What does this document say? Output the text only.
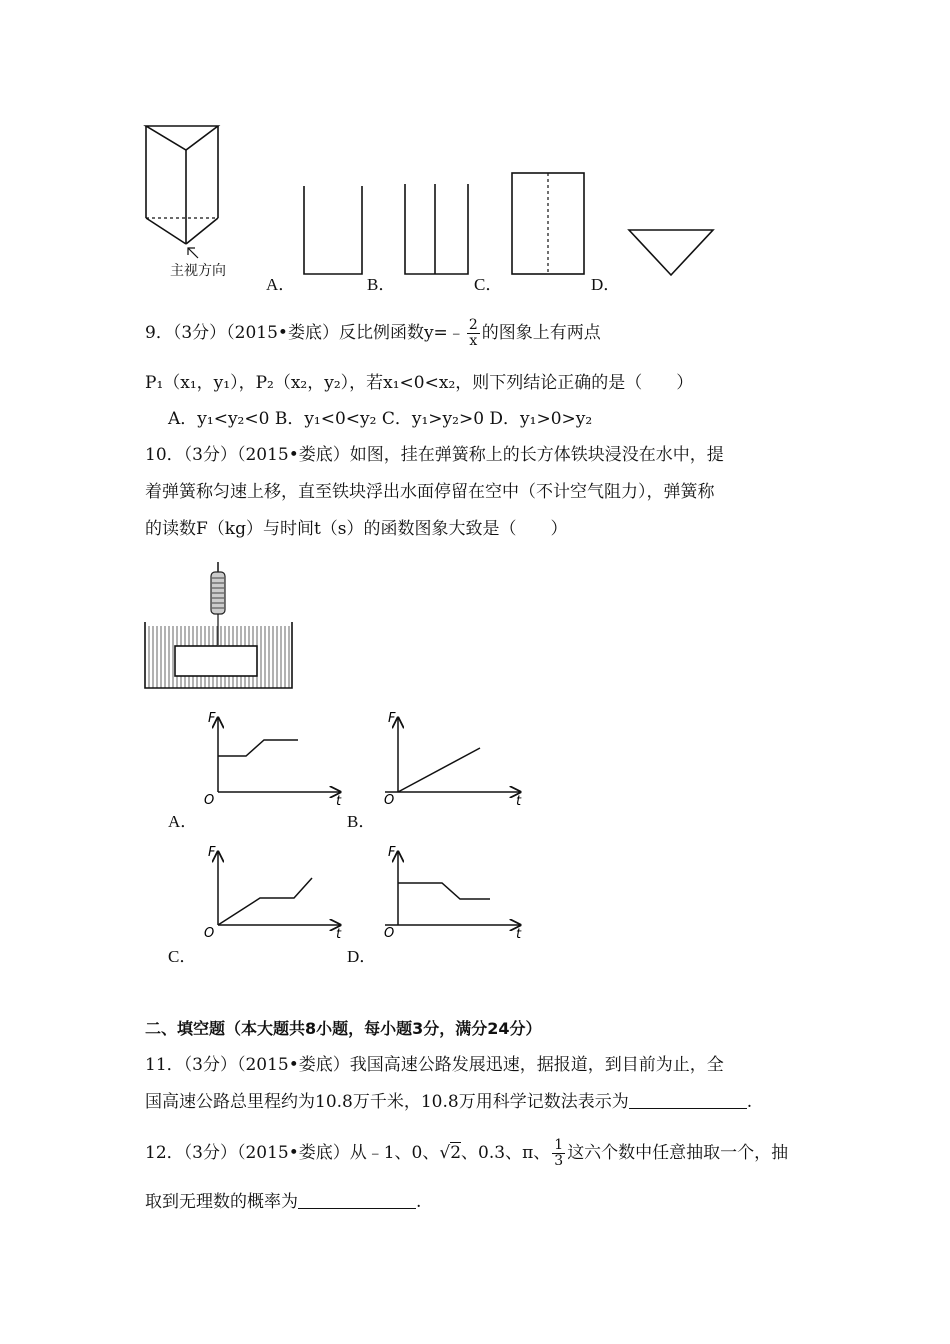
主视方向
A．	B．	C．	D．
9．（3分）（2015•娄底）反比例函数y=﹣ $\frac{2}{x}$ 的图象上有两点
P₁（x₁，y₁），P₂（x₂，y₂），若x₁<0<x₂，则下列结论正确的是（　　）
A．y₁<y₂<0 B．y₁<0<y₂ C．y₁>y₂>0 D．y₁>0>y₂
10．（3分）（2015•娄底）如图，挂在弹簧称上的长方体铁块浸没在水中，提
着弹簧称匀速上移，直至铁块浮出水面停留在空中（不计空气阻力），弹簧称
的读数F（kg）与时间t（s）的函数图象大致是（　　）
F
t
O
F
t
O
F
t
O
F
t
O
A．	B．
C．	D．
二、填空题（本大题共8小题，每小题3分，满分24分）
11．（3分）（2015•娄底）我国高速公路发展迅速，据报道，到目前为止，全
国高速公路总里程约为10.8万千米，10.8万用科学记数法表示为	.
12．（3分）（2015•娄底）从﹣1、0、√2、0.3、π、 $\frac{1}{3}$ 这六个数中任意抽取一个，抽
取到无理数的概率为	.
